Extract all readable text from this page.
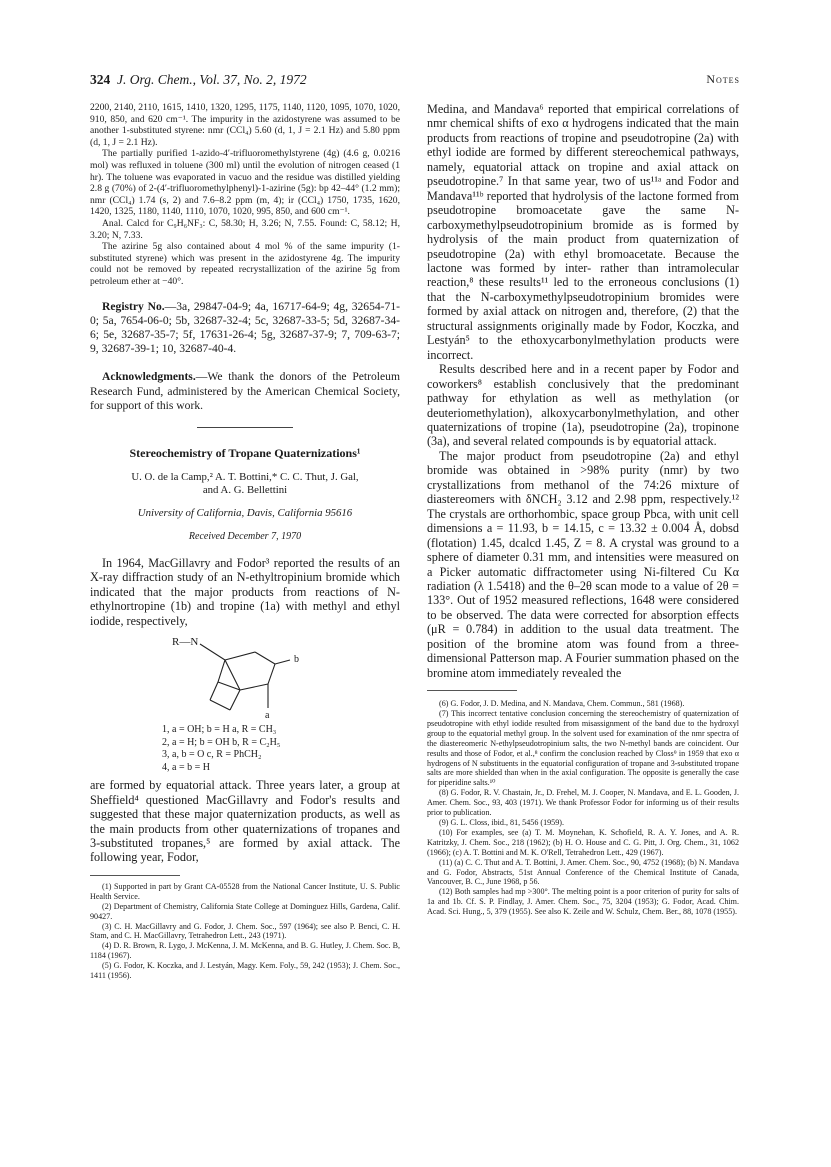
324 J. Org. Chem., Vol. 37, No. 2, 1972	Notes

2200, 2140, 2110, 1615, 1410, 1320, 1295, 1175, 1140, 1120, 1095, 1070, 1020, 910, 850, and 620 cm⁻¹. The impurity in the azidostyrene was assumed to be another 1-substituted styrene: nmr (CCl₄) 5.60 (d, 1, J = 2.1 Hz) and 5.80 ppm (d, 1, J = 2.1 Hz).

The partially purified 1-azido-4′-trifluoromethylstyrene (4g) (4.6 g, 0.0216 mol) was refluxed in toluene (300 ml) until the evolution of nitrogen ceased (1 hr). The toluene was evaporated in vacuo and the residue was distilled yielding 2.8 g (70%) of 2-(4′-trifluoromethylphenyl)-1-azirine (5g): bp 42–44° (1.2 mm); nmr (CCl₄) 1.74 (s, 2) and 7.6–8.2 ppm (m, 4); ir (CCl₄) 1750, 1735, 1620, 1420, 1325, 1180, 1140, 1110, 1070, 1020, 995, 850, and 600 cm⁻¹.

Anal. Calcd for C₉H₆NF₃: C, 58.30; H, 3.26; N, 7.55. Found: C, 58.12; H, 3.20; N, 7.33.

The azirine 5g also contained about 4 mol % of the same impurity (1-substituted styrene) which was present in the azidostyrene 4g. The impurity could not be removed by repeated recrystallization of the azirine 5g from petroleum ether at −40°.

Registry No.—3a, 29847-04-9; 4a, 16717-64-9; 4g, 32654-71-0; 5a, 7654-06-0; 5b, 32687-32-4; 5c, 32687-33-5; 5d, 32687-34-6; 5e, 32687-35-7; 5f, 17631-26-4; 5g, 32687-37-9; 7, 709-63-7; 9, 32687-39-1; 10, 32687-40-4.

Acknowledgments.—We thank the donors of the Petroleum Research Fund, administered by the American Chemical Society, for support of this work.

Stereochemistry of Tropane Quaternizations¹
U. O. de la Camp,² A. T. Bottini,* C. C. Thut, J. Gal,
and A. G. Bellettini
University of California, Davis, California 95616
Received December 7, 1970

In 1964, MacGillavry and Fodor³ reported the results of an X-ray diffraction study of an N-ethyltropinium bromide which indicated that the major products from reactions of N-ethylnortropine (1b) and tropine (1a) with methyl and ethyl iodide, respectively,

R—N
b
a
1, a = OH; b = H a, R = CH₃
2, a = H; b = OH b, R = C₂H₅
3, a, b = O c, R = PhCH₂
4, a = b = H

are formed by equatorial attack. Three years later, a group at Sheffield⁴ questioned MacGillavry and Fodor's results and suggested that these major quaternization products, as well as the main products from other quaternizations of tropanes and 3-substituted tropanes,⁵ are formed by axial attack. The following year, Fodor,

(1) Supported in part by Grant CA-05528 from the National Cancer Institute, U. S. Public Health Service.

(2) Department of Chemistry, California State College at Dominguez Hills, Gardena, Calif. 90427.

(3) C. H. MacGillavry and G. Fodor, J. Chem. Soc., 597 (1964); see also P. Benci, C. H. Stam, and C. H. MacGillavry, Tetrahedron Lett., 243 (1971).

(4) D. R. Brown, R. Lygo, J. McKenna, J. M. McKenna, and B. G. Hutley, J. Chem. Soc. B, 1184 (1967).

(5) G. Fodor, K. Koczka, and J. Lestyán, Magy. Kem. Foly., 59, 242 (1953); J. Chem. Soc., 1411 (1956).

Medina, and Mandava⁶ reported that empirical correlations of nmr chemical shifts of exo α hydrogens indicated that the main products from reactions of tropine and pseudotropine (2a) with ethyl iodide are formed by different stereochemical pathways, namely, equatorial attack on tropine and axial attack on pseudotropine.⁷ In that same year, two of us¹¹ᵃ and Fodor and Mandava¹¹ᵇ reported that hydrolysis of the lactone formed from pseudotropine bromoacetate gave the same N-carboxymethylpseudotropinium bromide as is formed by hydrolysis of the main product from quaternization of pseudotropine (2a) with ethyl bromoacetate. Because the lactone was formed by inter- rather than intramolecular reaction,⁸ these results¹¹ led to the erroneous conclusions (1) that the N-carboxymethylpseudotropinium bromides were formed by axial attack on nitrogen and, therefore, (2) that the structural assignments originally made by Fodor, Koczka, and Lestyán⁵ to the ethoxycarbonylmethylation products were incorrect.

Results described here and in a recent paper by Fodor and coworkers⁸ establish conclusively that the predominant pathway for ethylation as well as methylation (or deuteriomethylation), alkoxycarbonylmethylation, and other quaternizations of tropine (1a), pseudotropine (2a), tropinone (3a), and several related compounds is by equatorial attack.

The major product from pseudotropine (2a) and ethyl bromide was obtained in >98% purity (nmr) by two crystallizations from methanol of the 74:26 mixture of diastereomers with δNCH₂ 3.12 and 2.98 ppm, respectively.¹² The crystals are orthorhombic, space group Pbca, with unit cell dimensions a = 11.93, b = 14.15, c = 13.32 ± 0.004 Å, dobsd (flotation) 1.45, dcalcd 1.45, Z = 8. A crystal was ground to a sphere of diameter 0.31 mm, and intensities were measured on a Picker automatic diffractometer using Ni-filtered Cu Kα radiation (λ 1.5418) and the θ–2θ scan mode to a value of 2θ = 133°. Out of 1952 measured reflections, 1648 were considered to be observed. The data were corrected for absorption effects (μR = 0.784) in addition to the usual data treatment. The position of the bromine atom was found from a three-dimensional Patterson map. A Fourier summation phased on the bromine atom immediately revealed the

(6) G. Fodor, J. D. Medina, and N. Mandava, Chem. Commun., 581 (1968).

(7) This incorrect tentative conclusion concerning the stereochemistry of quaternization of pseudotropine with ethyl iodide resulted from misassignment of the band due to the hydroxyl group to the equatorial methyl group. In the solvent used for examination of the nmr spectra of the diastereomeric N-ethylpseudotropinium salts, the two N-methyl bands are coincident. Our results and those of Fodor, et al.,⁸ confirm the conclusion reached by Closs⁹ in 1959 that exo α hydrogens of N substituents in the equatorial configuration of tropane and 3-substituted tropane salts are more shielded than when in the axial configuration. The opposite is generally the case for piperidine salts.¹⁰

(8) G. Fodor, R. V. Chastain, Jr., D. Frehel, M. J. Cooper, N. Mandava, and E. L. Gooden, J. Amer. Chem. Soc., 93, 403 (1971). We thank Professor Fodor for informing us of their results prior to publication.

(9) G. L. Closs, ibid., 81, 5456 (1959).

(10) For examples, see (a) T. M. Moynehan, K. Schofield, R. A. Y. Jones, and A. R. Katritzky, J. Chem. Soc., 218 (1962); (b) H. O. House and C. G. Pitt, J. Org. Chem., 31, 1062 (1966); (c) A. T. Bottini and M. K. O'Rell, Tetrahedron Lett., 429 (1967).

(11) (a) C. C. Thut and A. T. Bottini, J. Amer. Chem. Soc., 90, 4752 (1968); (b) N. Mandava and G. Fodor, Abstracts, 51st Annual Conference of the Chemical Institute of Canada, Vancouver, B. C., June 1968, p 56.

(12) Both samples had mp >300°. The melting point is a poor criterion of purity for salts of 1a and 1b. Cf. S. P. Findlay, J. Amer. Chem. Soc., 75, 3204 (1953); G. Fodor, Acad. Chim. Acad. Sci. Hung., 5, 379 (1955). See also K. Zeile and W. Schulz, Chem. Ber., 88, 1078 (1955).
